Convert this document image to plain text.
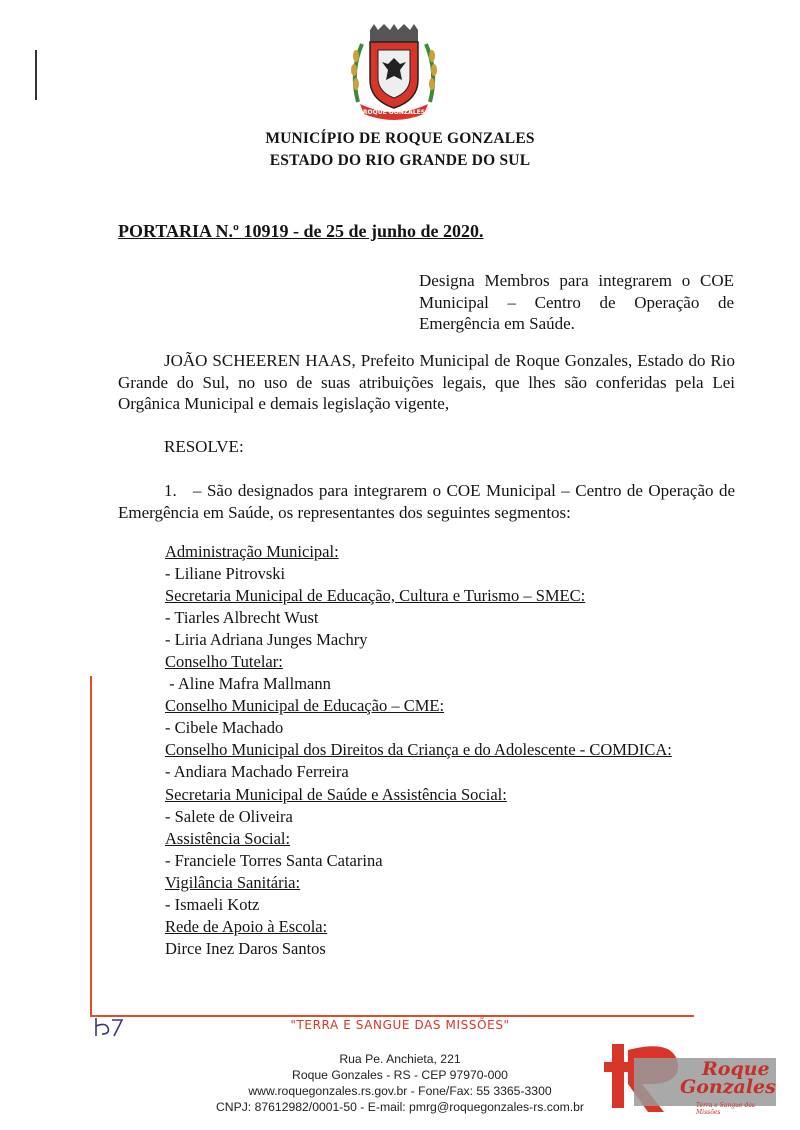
ROQUE GONZALES
MUNICÍPIO DE ROQUE GONZALES
ESTADO DO RIO GRANDE DO SUL
PORTARIA N.º 10919 - de 25 de junho de 2020.
Designa Membros para integrarem o COE Municipal – Centro de Operação de Emergência em Saúde.
JOÃO SCHEEREN HAAS, Prefeito Municipal de Roque Gonzales, Estado do Rio Grande do Sul, no uso de suas atribuições legais, que lhes são conferidas pela Lei Orgânica Municipal e demais legislação vigente,
RESOLVE:
1.   – São designados para integrarem o COE Municipal – Centro de Operação de Emergência em Saúde, os representantes dos seguintes segmentos:
Administração Municipal:
- Liliane Pitrovski
Secretaria Municipal de Educação, Cultura e Turismo – SMEC:
- Tiarles Albrecht Wust
- Liria Adriana Junges Machry
Conselho Tutelar:
- Aline Mafra Mallmann
Conselho Municipal de Educação – CME:
- Cibele Machado
Conselho Municipal dos Direitos da Criança e do Adolescente - COMDICA:
- Andiara Machado Ferreira
Secretaria Municipal de Saúde e Assistência Social:
- Salete de Oliveira
Assistência Social:
- Franciele Torres Santa Catarina
Vigilância Sanitária:
- Ismaeli Kotz
Rede de Apoio à Escola:
Dirce Inez Daros Santos
"TERRA E SANGUE DAS MISSÕES"
Rua Pe. Anchieta, 221
Roque Gonzales - RS - CEP 97970-000
www.roquegonzales.rs.gov.br - Fone/Fax: 55 3365-3300
CNPJ: 87612982/0001-50 - E-mail: pmrg@roquegonzales-rs.com.br
Roque
Gonzales
Terra e Sangue das Missões
